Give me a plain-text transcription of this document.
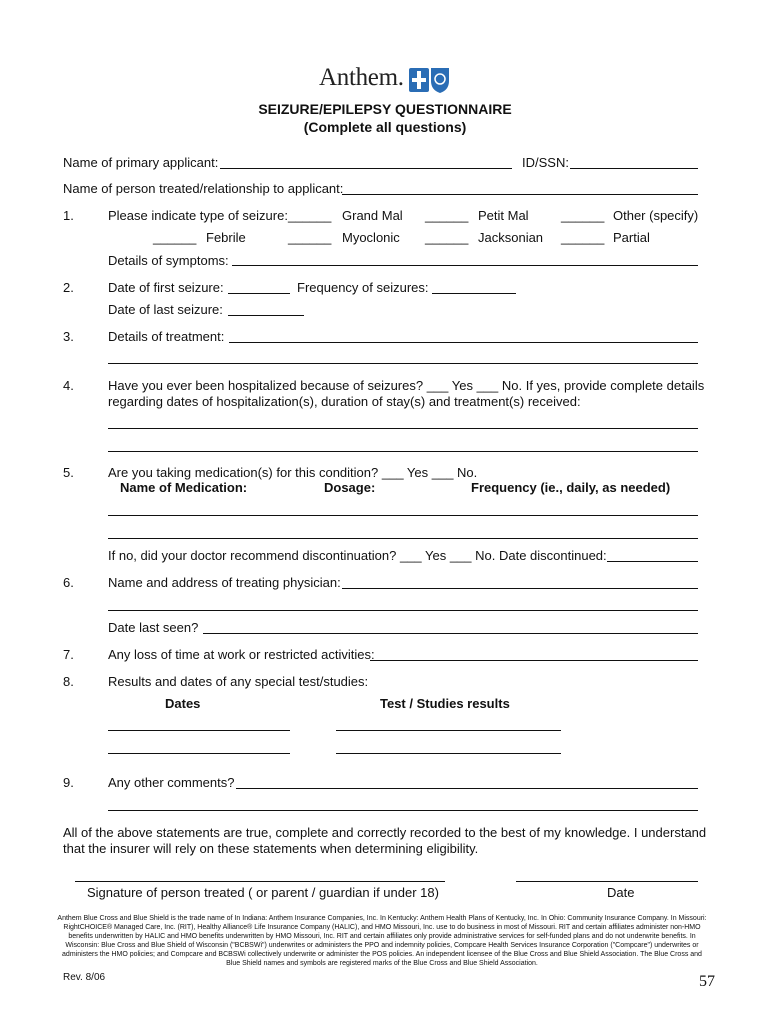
Anthem.
SEIZURE/EPILEPSY QUESTIONNAIRE
(Complete all questions)
Name of primary applicant:	ID/SSN:
Name of person treated/relationship to applicant:
1.	Please indicate type of seizure: ______ Grand Mal ______ Petit Mal ______ Other (specify)
______ Febrile	______ Myoclonic ______ Jacksonian ______ Partial
Details of symptoms:
2.	Date of first seizure:	Frequency of seizures:
Date of last seizure:
3.	Details of treatment:
4.	Have you ever been hospitalized because of seizures? ___ Yes ___ No. If yes, provide complete details
regarding dates of hospitalization(s), duration of stay(s) and treatment(s) received:
5.	Are you taking medication(s) for this condition? ___ Yes ___ No.
Name of Medication:	Dosage:	Frequency (ie., daily, as needed)
If no, did your doctor recommend discontinuation? ___ Yes ___ No. Date discontinued:
6.	Name and address of treating physician:
Date last seen?
7.	Any loss of time at work or restricted activities:
8.	Results and dates of any special test/studies:
Dates	Test / Studies results
9.	Any other comments?
All of the above statements are true, complete and correctly recorded to the best of my knowledge. I understand
that the insurer will rely on these statements when determining eligibility.
Signature of person treated ( or parent / guardian if under 18)	Date
Anthem Blue Cross and Blue Shield is the trade name of In Indiana: Anthem Insurance Companies, Inc. In Kentucky: Anthem Health Plans of Kentucky, Inc. In Ohio: Community Insurance Company. In Missouri: RightCHOICE® Managed Care, Inc. (RIT), Healthy Alliance® Life Insurance Company (HALIC), and HMO Missouri, Inc. use to do business in most of Missouri. RIT and certain affiliates administer non-HMO benefits underwritten by HALIC and HMO benefits underwritten by HMO Missouri, Inc. RIT and certain affiliates only provide administrative services for self-funded plans and do not underwrite benefits. In Wisconsin: Blue Cross and Blue Shield of Wisconsin ("BCBSWi") underwrites or administers the PPO and indemnity policies, Compcare Health Services Insurance Corporation ("Compcare") underwrites or administers the HMO policies; and Compcare and BCBSWi collectively underwrite or administer the POS policies. An independent licensee of the Blue Cross and Blue Shield Association. The Blue Cross and Blue Shield names and symbols are registered marks of the Blue Cross and Blue Shield Association.
Rev. 8/06	57
